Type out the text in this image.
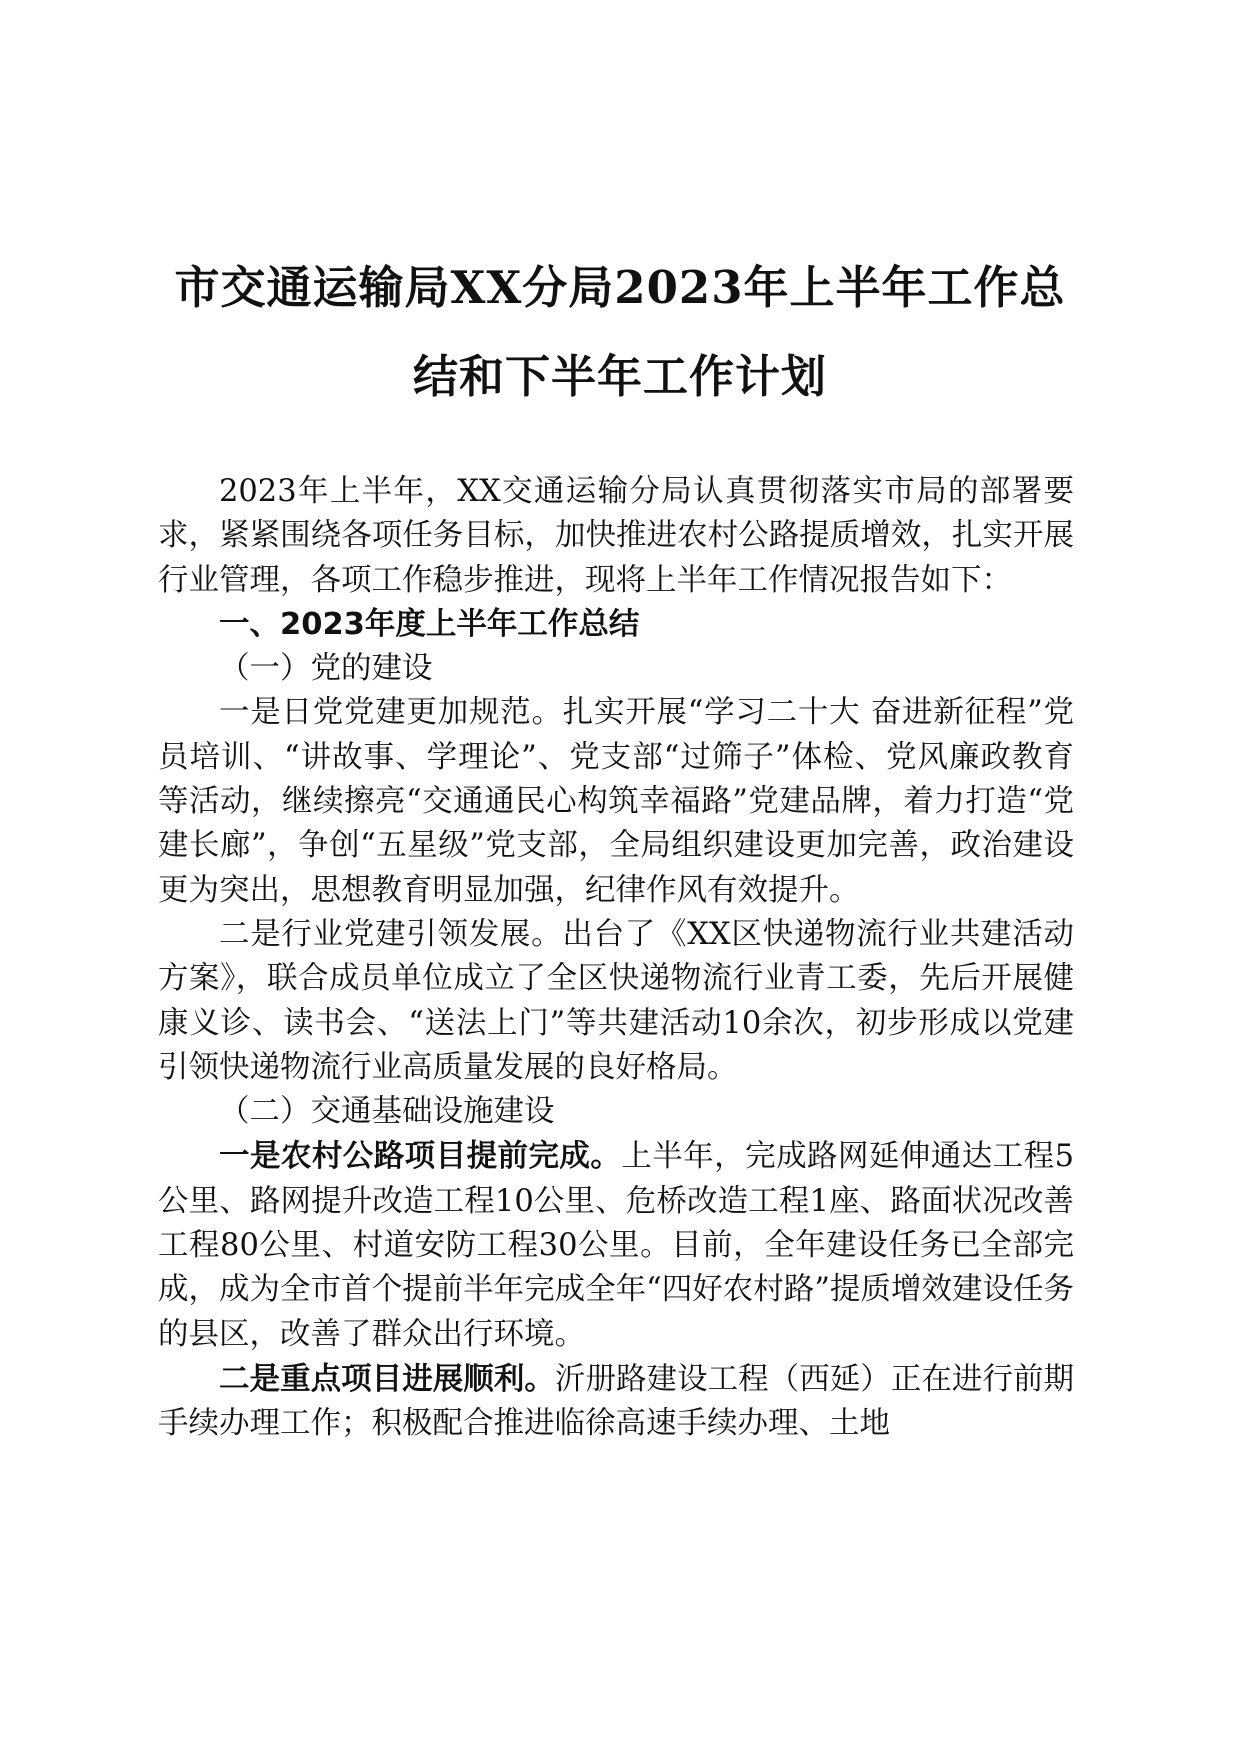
市交通运输局XX分局2023年上半年工作总
结和下半年工作计划

2023年上半年，XX交通运输分局认真贯彻落实市局的部署要求，紧紧围绕各项任务目标，加快推进农村公路提质增效，扎实开展行业管理，各项工作稳步推进，现将上半年工作情况报告如下：

一、2023年度上半年工作总结
（一）党的建设

一是日党党建更加规范。扎实开展“学习二十大 奋进新征程”党员培训、“讲故事、学理论”、党支部“过筛子”体检、党风廉政教育等活动，继续擦亮“交通通民心构筑幸福路”党建品牌，着力打造“党建长廊”，争创“五星级”党支部，全局组织建设更加完善，政治建设更为突出，思想教育明显加强，纪律作风有效提升。

二是行业党建引领发展。出台了《XX区快递物流行业共建活动方案》，联合成员单位成立了全区快递物流行业青工委，先后开展健康义诊、读书会、“送法上门”等共建活动10余次，初步形成以党建引领快递物流行业高质量发展的良好格局。

（二）交通基础设施建设

一是农村公路项目提前完成。上半年，完成路网延伸通达工程5公里、路网提升改造工程10公里、危桥改造工程1座、路面状况改善工程80公里、村道安防工程30公里。目前，全年建设任务已全部完成，成为全市首个提前半年完成全年“四好农村路”提质增效建设任务的县区，改善了群众出行环境。

二是重点项目进展顺利。沂册路建设工程（西延）正在进行前期手续办理工作；积极配合推进临徐高速手续办理、土地
